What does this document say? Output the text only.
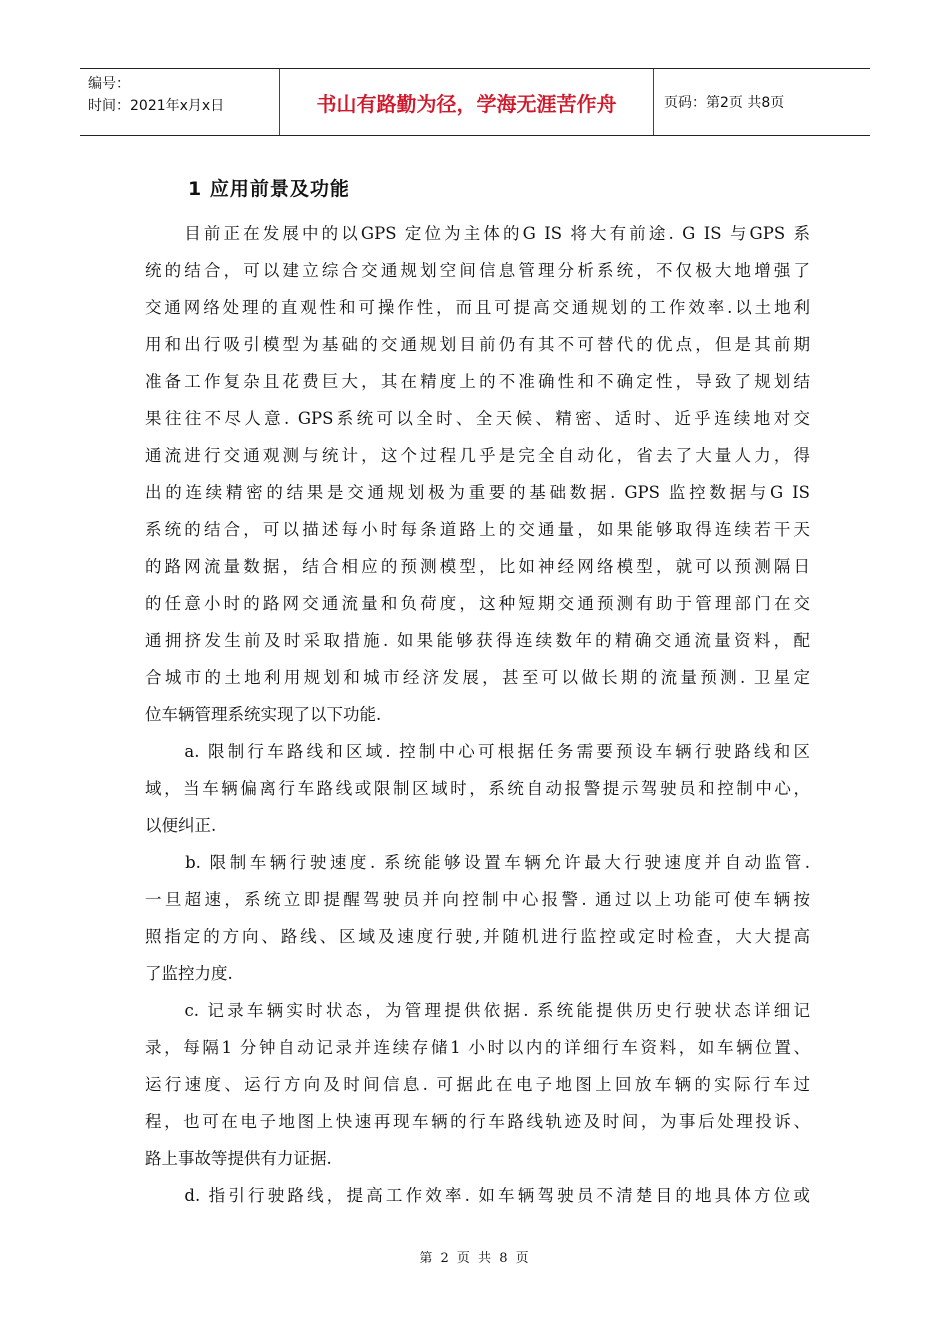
编号：
时间：2021年x月x日	书山有路勤为径，学海无涯苦作舟	页码：第2页 共8页
1 应用前景及功能
　　目前正在发展中的以GPS 定位为主体的G IS 将大有前途. G IS 与GPS 系
统的结合，可以建立综合交通规划空间信息管理分析系统，不仅极大地增强了
交通网络处理的直观性和可操作性，而且可提高交通规划的工作效率.以土地利
用和出行吸引模型为基础的交通规划目前仍有其不可替代的优点，但是其前期
准备工作复杂且花费巨大，其在精度上的不准确性和不确定性，导致了规划结
果往往不尽人意. GPS系统可以全时、全天候、精密、适时、近乎连续地对交
通流进行交通观测与统计，这个过程几乎是完全自动化，省去了大量人力，得
出的连续精密的结果是交通规划极为重要的基础数据. GPS 监控数据与G IS
系统的结合，可以描述每小时每条道路上的交通量，如果能够取得连续若干天
的路网流量数据，结合相应的预测模型，比如神经网络模型，就可以预测隔日
的任意小时的路网交通流量和负荷度，这种短期交通预测有助于管理部门在交
通拥挤发生前及时采取措施. 如果能够获得连续数年的精确交通流量资料，配
合城市的土地利用规划和城市经济发展，甚至可以做长期的流量预测. 卫星定
位车辆管理系统实现了以下功能.
　　a. 限制行车路线和区域. 控制中心可根据任务需要预设车辆行驶路线和区
域，当车辆偏离行车路线或限制区域时，系统自动报警提示驾驶员和控制中心，
以便纠正.
　　b. 限制车辆行驶速度. 系统能够设置车辆允许最大行驶速度并自动监管.
一旦超速，系统立即提醒驾驶员并向控制中心报警. 通过以上功能可使车辆按
照指定的方向、路线、区域及速度行驶,并随机进行监控或定时检查，大大提高
了监控力度.
　　c. 记录车辆实时状态，为管理提供依据. 系统能提供历史行驶状态详细记
录，每隔1 分钟自动记录并连续存储1 小时以内的详细行车资料，如车辆位置、
运行速度、运行方向及时间信息. 可据此在电子地图上回放车辆的实际行车过
程，也可在电子地图上快速再现车辆的行车路线轨迹及时间，为事后处理投诉、
路上事故等提供有力证据.
　　d. 指引行驶路线，提高工作效率. 如车辆驾驶员不清楚目的地具体方位或
第 2 页 共 8 页
